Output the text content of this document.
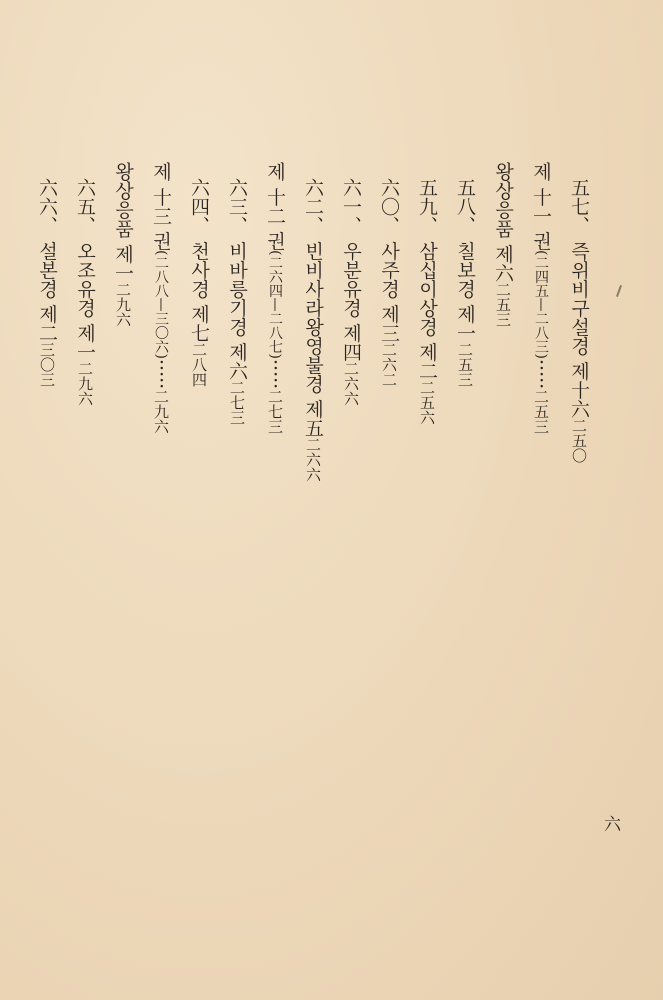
六
五七、 즉위비구설경 제十六二五〇
제 十一 권(二四五—二八三)·····二五三
왕상응품 제六二五三
五八、 칠보경 제一二五三
五九、 삼십이상경 제二二五六
六〇、 사주경 제三二六二
六一、 우분유경 제四二六六
六二、 빈비사라왕영불경 제五二六六
제 十二 권(二六四—二八七)·····二七三
六三、 비바릉기경 제六二七三
六四、 천사경 제七二八四
제 十三 권(二八八—三〇六)·····二九六
왕상응품 제一二九六
六五、 오조유경 제一二九六
六六、 설본경 제二三〇三
